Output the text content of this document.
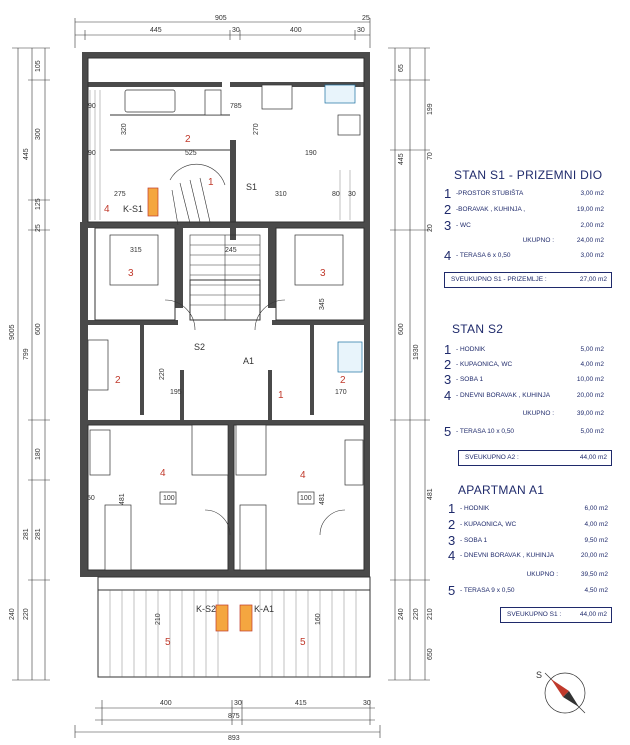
905
445	30	400	30
25
400	30	415	30
875
893
105
445
125
300
25
799
9005
180
281
240
600
281
220
65
445
199
20
70
1930
600
481
240 220 210
650
90	785
320
525
270
90	190
275	310	80 30
315	245
345
220
195	170
481	481
100	100
50
210	160
1
2
S1
K-S1
4
3	3
S2
A1
2	2
1
4	4
5	5
K-S2	K-A1
S
STAN S1 - PRIZEMNI DIO
1 -PROSTOR STUBIŠTA	3,00 m2
2 -BORAVAK , KUHINJA ,	19,00 m2
3 - WC	2,00 m2
UKUPNO :	24,00 m2
4 - TERASA 6 x 0,50	3,00 m2
SVEUKUPNO S1 - PRIZEMLJE :	27,00 m2
STAN S2
1 - HODNIK	5,00 m2
2 - KUPAONICA, WC	4,00 m2
3 - SOBA 1	10,00 m2
4 - DNEVNI BORAVAK , KUHINJA	20,00 m2
UKUPNO :	39,00 m2
5 - TERASA 10 x 0,50	5,00 m2
SVEUKUPNO A2 :	44,00 m2
APARTMAN A1
1 - HODNIK	6,00 m2
2 - KUPAONICA, WC	4,00 m2
3 - SOBA 1	9,50 m2
4 - DNEVNI BORAVAK , KUHINJA	20,00 m2
UKUPNO :	39,50 m2
5 - TERASA 9 x 0,50	4,50 m2
SVEUKUPNO S1 :	44,00 m2
